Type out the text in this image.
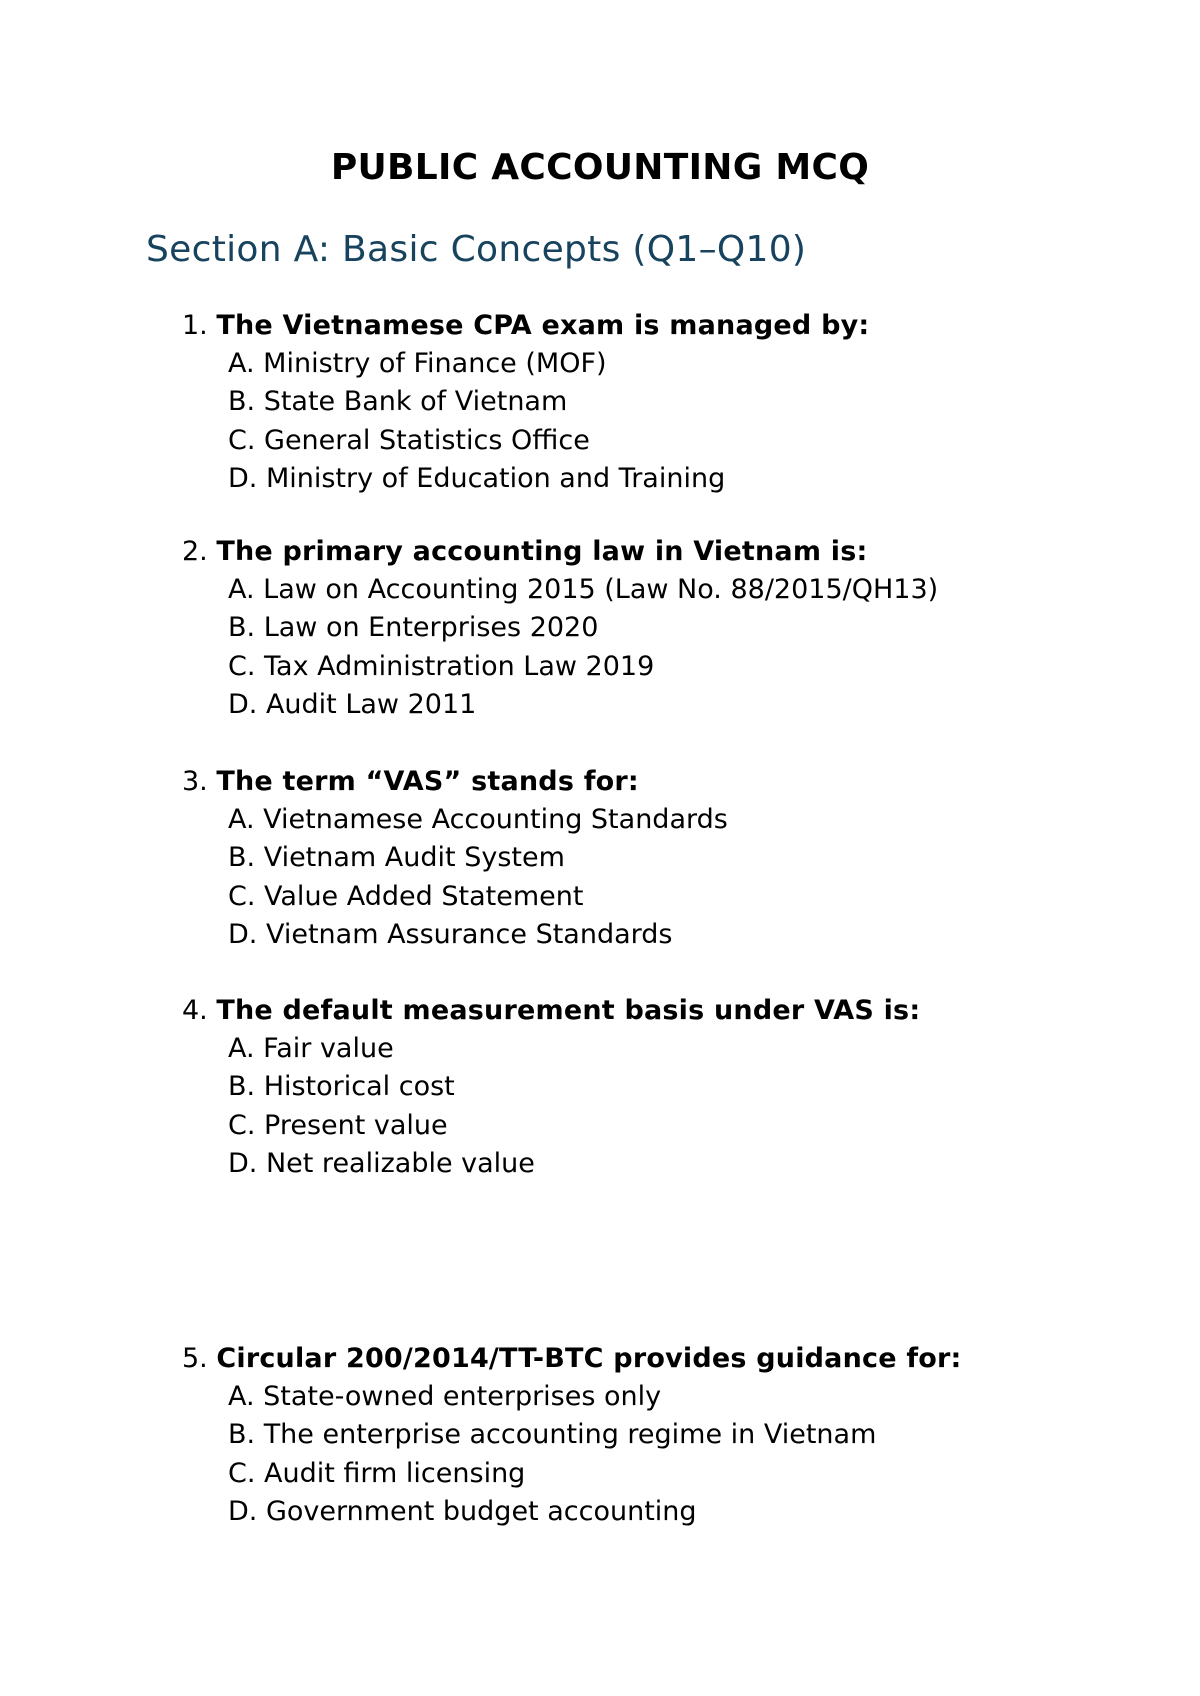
PUBLIC ACCOUNTING MCQ
Section A: Basic Concepts (Q1–Q10)
1. The Vietnamese CPA exam is managed by:
A. Ministry of Finance (MOF)
B. State Bank of Vietnam
C. General Statistics Office
D. Ministry of Education and Training
2. The primary accounting law in Vietnam is:
A. Law on Accounting 2015 (Law No. 88/2015/QH13)
B. Law on Enterprises 2020
C. Tax Administration Law 2019
D. Audit Law 2011
3. The term “VAS” stands for:
A. Vietnamese Accounting Standards
B. Vietnam Audit System
C. Value Added Statement
D. Vietnam Assurance Standards
4. The default measurement basis under VAS is:
A. Fair value
B. Historical cost
C. Present value
D. Net realizable value
5. Circular 200/2014/TT-BTC provides guidance for:
A. State-owned enterprises only
B. The enterprise accounting regime in Vietnam
C. Audit firm licensing
D. Government budget accounting
